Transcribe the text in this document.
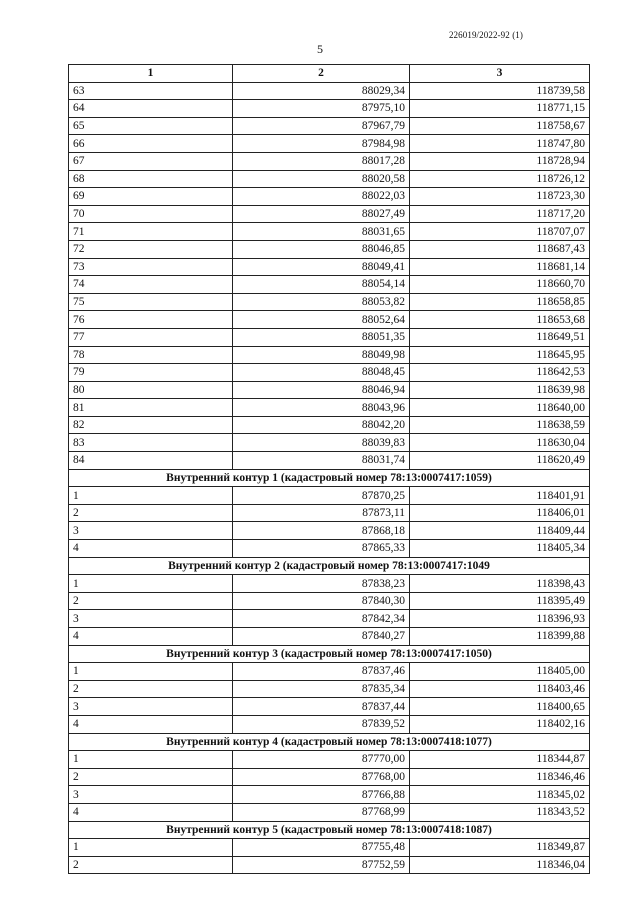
226019/2022-92 (1)
5
1	2	3
63	88029,34	118739,58
64	87975,10	118771,15
65	87967,79	118758,67
66	87984,98	118747,80
67	88017,28	118728,94
68	88020,58	118726,12
69	88022,03	118723,30
70	88027,49	118717,20
71	88031,65	118707,07
72	88046,85	118687,43
73	88049,41	118681,14
74	88054,14	118660,70
75	88053,82	118658,85
76	88052,64	118653,68
77	88051,35	118649,51
78	88049,98	118645,95
79	88048,45	118642,53
80	88046,94	118639,98
81	88043,96	118640,00
82	88042,20	118638,59
83	88039,83	118630,04
84	88031,74	118620,49
Внутренний контур 1 (кадастровый номер 78:13:0007417:1059)		
1	87870,25	118401,91
2	87873,11	118406,01
3	87868,18	118409,44
4	87865,33	118405,34
Внутренний контур 2 (кадастровый номер 78:13:0007417:1049		
1	87838,23	118398,43
2	87840,30	118395,49
3	87842,34	118396,93
4	87840,27	118399,88
Внутренний контур 3 (кадастровый номер 78:13:0007417:1050)		
1	87837,46	118405,00
2	87835,34	118403,46
3	87837,44	118400,65
4	87839,52	118402,16
Внутренний контур 4 (кадастровый номер 78:13:0007418:1077)		
1	87770,00	118344,87
2	87768,00	118346,46
3	87766,88	118345,02
4	87768,99	118343,52
Внутренний контур 5 (кадастровый номер 78:13:0007418:1087)		
1	87755,48	118349,87
2	87752,59	118346,04
